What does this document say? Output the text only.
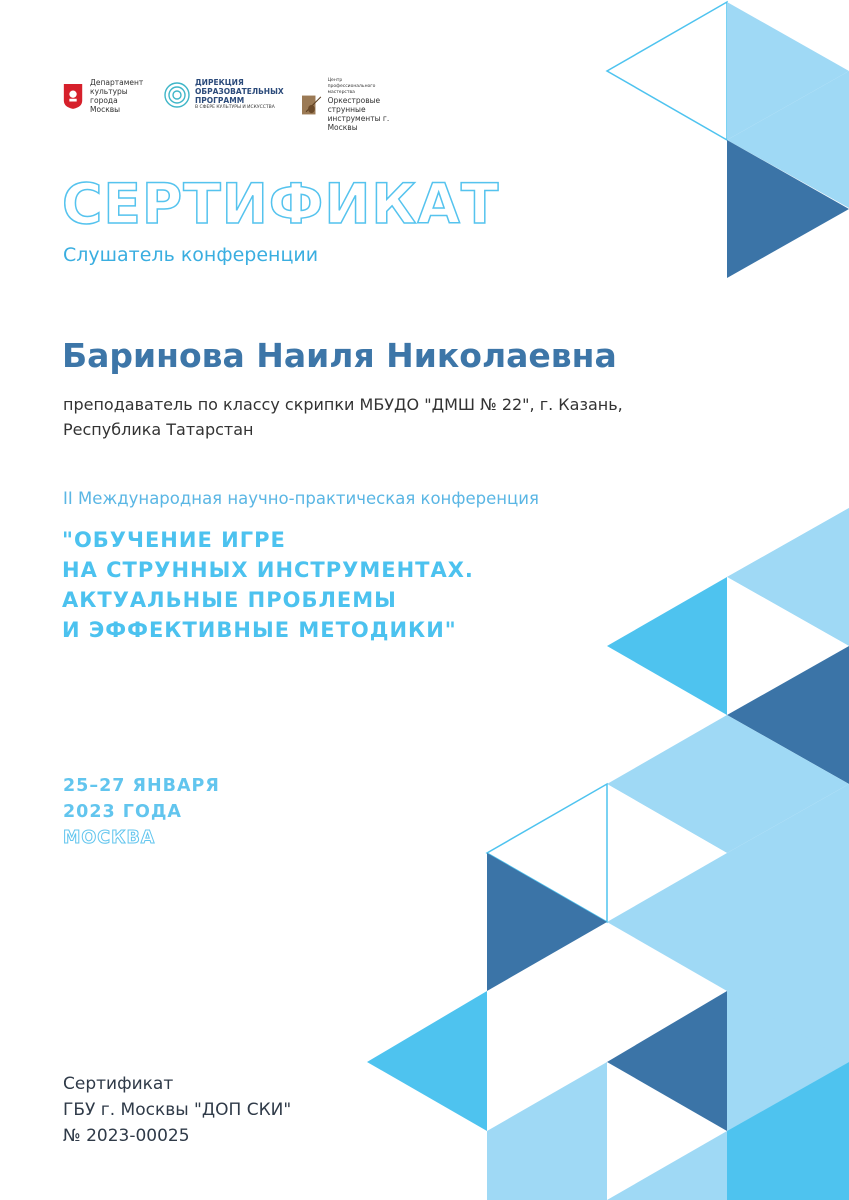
Департамент
культуры
города Москвы
ДИРЕКЦИЯ
ОБРАЗОВАТЕЛЬНЫХ
ПРОГРАММ
В СФЕРЕ КУЛЬТУРЫ И ИСКУССТВА
Центр профессионального мастерства
Оркестровые струнные
инструменты г. Москвы
СЕРТИФИКАТ
Слушатель конференции
Баринова Наиля Николаевна
преподаватель по классу скрипки МБУДО "ДМШ № 22", г. Казань, Республика Татарстан
II Международная научно-практическая конференция
"ОБУЧЕНИЕ ИГРЕ
НА СТРУННЫХ ИНСТРУМЕНТАХ.
АКТУАЛЬНЫЕ ПРОБЛЕМЫ
И ЭФФЕКТИВНЫЕ МЕТОДИКИ"
25–27 ЯНВАРЯ
2023 ГОДА
МОСКВА
Сертификат
ГБУ г. Москвы "ДОП СКИ"
№ 2023-00025
